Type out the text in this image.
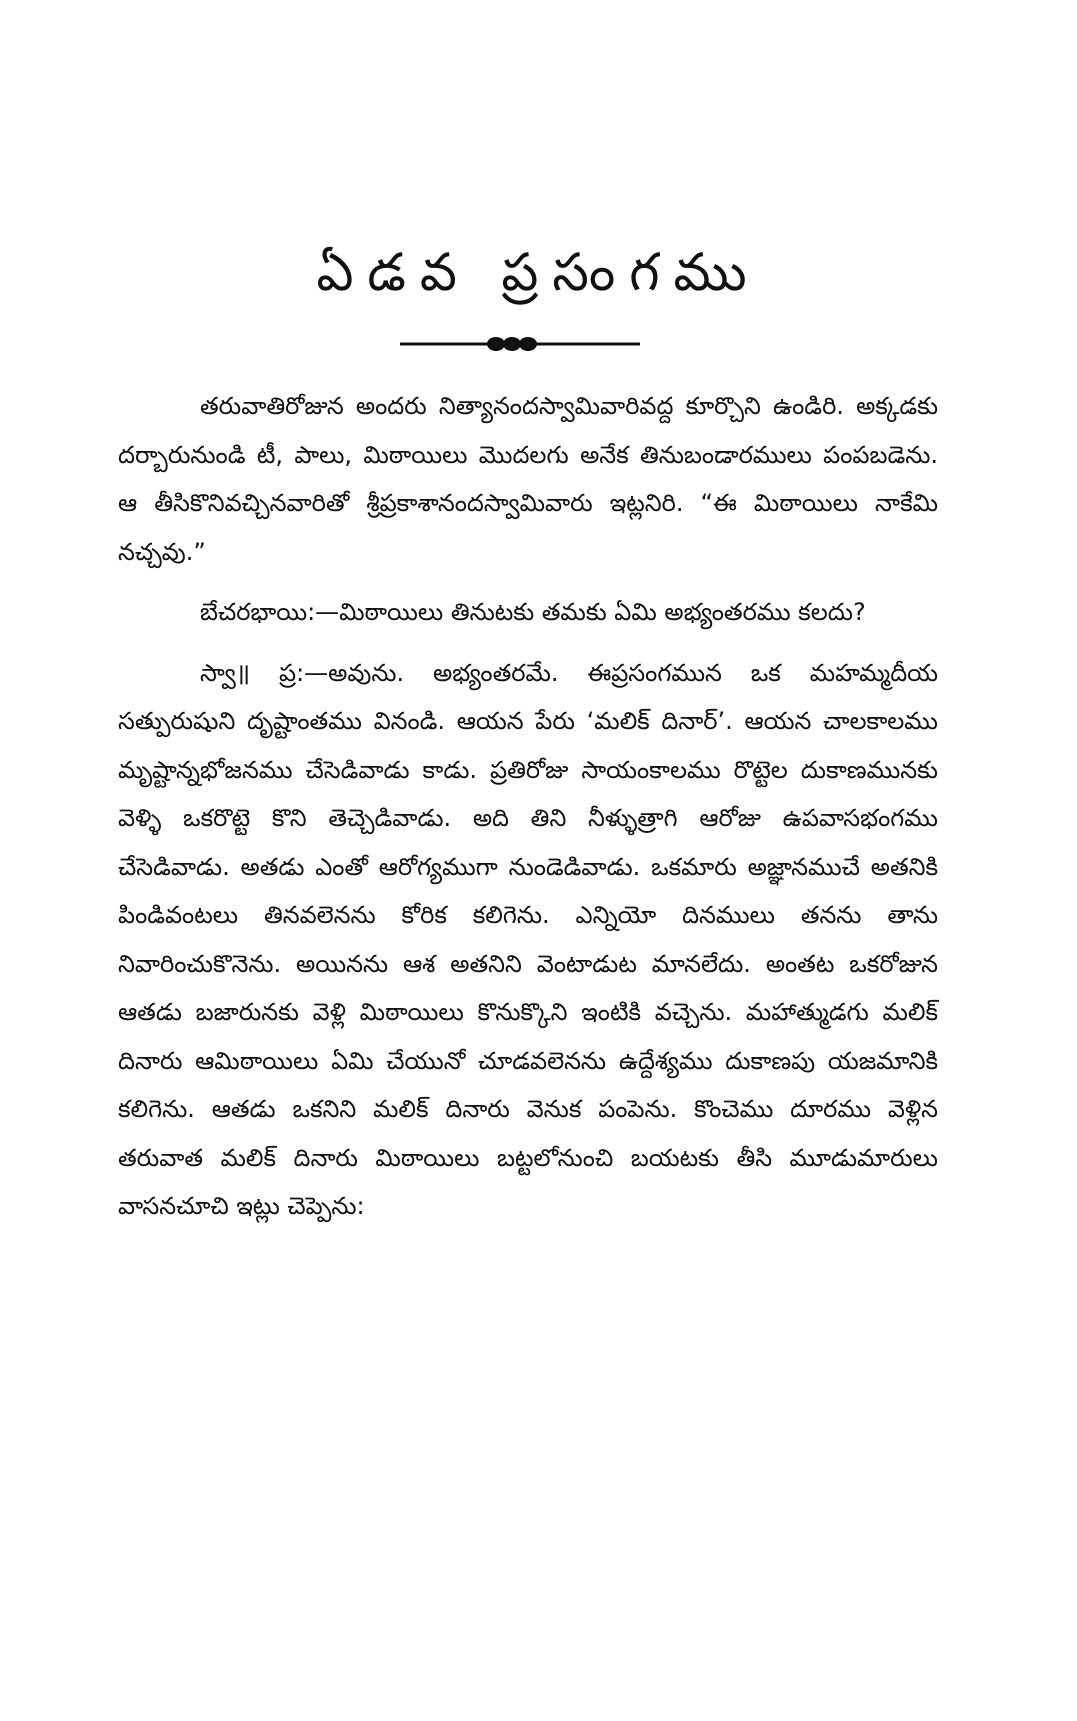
ఏడవ ప్రసంగము

తరువాతిరోజున అందరు నిత్యానందస్వామివారివద్ద కూర్చొని ఉండిరి. అక్కడకు దర్బారునుండి టీ, పాలు, మిఠాయిలు మొదలగు అనేక తినుబండారములు పంపబడెను. ఆ తీసికొనివచ్చినవారితో శ్రీప్రకాశానందస్వామివారు ఇట్లనిరి. “ఈ మిఠాయిలు నాకేమి నచ్చవు.”

బేచరభాయి:—మిఠాయిలు తినుటకు తమకు ఏమి అభ్యంతరము కలదు?

స్వా॥ ప్ర:—అవును. అభ్యంతరమే. ఈప్రసంగమున ఒక మహమ్మదీయ సత్పురుషుని దృష్టాంతము వినండి. ఆయన పేరు ‘మలిక్ దినార్’. ఆయన చాలకాలము మృష్టాన్నభోజనము చేసెడివాడు కాడు. ప్రతిరోజు సాయంకాలము రొట్టెల దుకాణమునకు వెళ్ళి ఒకరొట్టె కొని తెచ్చెడివాడు. అది తిని నీళ్ళుత్రాగి ఆరోజు ఉపవాసభంగము చేసెడివాడు. అతడు ఎంతో ఆరోగ్యముగా నుండెడివాడు. ఒకమారు అజ్ఞానముచే అతనికి పిండివంటలు తినవలెనను కోరిక కలిగెను. ఎన్నియో దినములు తనను తాను నివారించుకొనెను. అయినను ఆశ అతనిని వెంటాడుట మానలేదు. అంతట ఒకరోజున ఆతడు బజారునకు వెళ్లి మిఠాయిలు కొనుక్కొని ఇంటికి వచ్చెను. మహాత్ముడగు మలిక్ దినారు ఆమిఠాయిలు ఏమి చేయునో చూడవలెనను ఉద్దేశ్యము దుకాణపు యజమానికి కలిగెను. ఆతడు ఒకనిని మలిక్ దినారు వెనుక పంపెను. కొంచెము దూరము వెళ్లిన తరువాత మలిక్ దినారు మిఠాయిలు బట్టలోనుంచి బయటకు తీసి మూడుమారులు వాసనచూచి ఇట్లు చెప్పెను:
